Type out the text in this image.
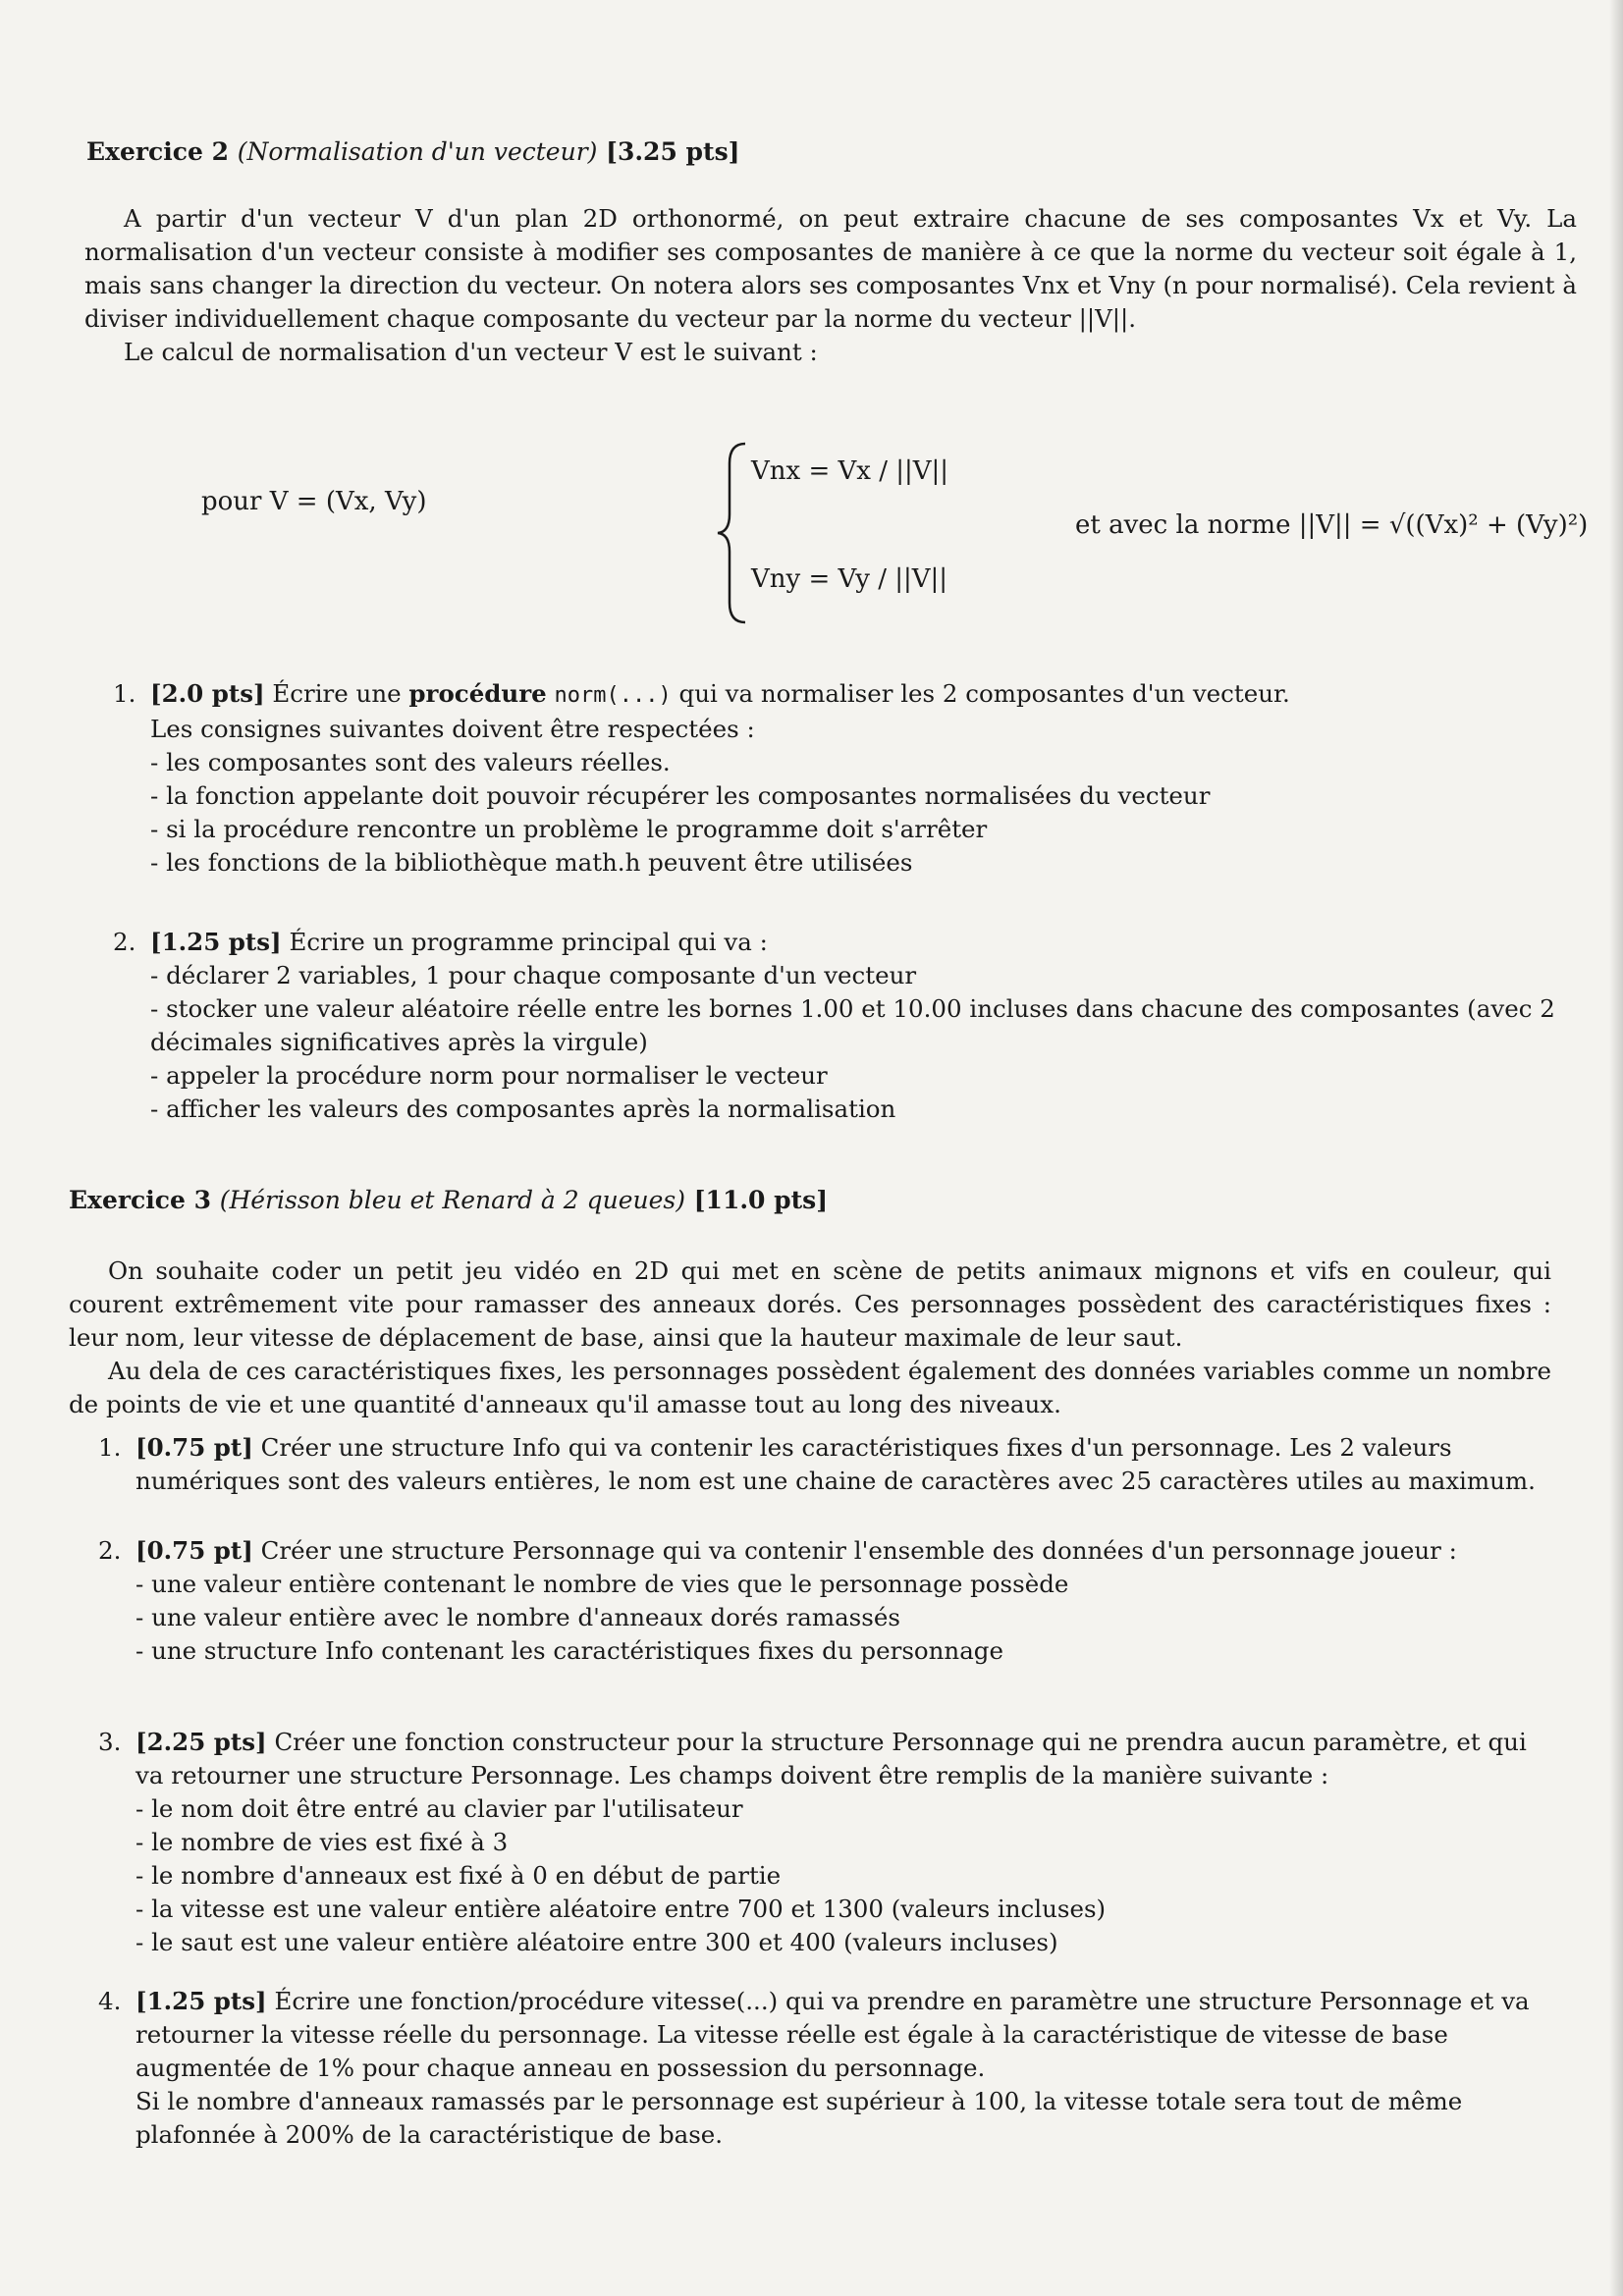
Exercice 2 (Normalisation d'un vecteur) [3.25 pts]

A partir d'un vecteur V d'un plan 2D orthonormé, on peut extraire chacune de ses composantes Vx et Vy. La normalisation d'un vecteur consiste à modifier ses composantes de manière à ce que la norme du vecteur soit égale à 1, mais sans changer la direction du vecteur. On notera alors ses composantes Vnx et Vny (n pour normalisé). Cela revient à diviser individuellement chaque composante du vecteur par la norme du vecteur ||V||.

Le calcul de normalisation d'un vecteur V est le suivant :

pour V = (Vx, Vy)
Vnx = Vx / ||V||
Vny = Vy / ||V||
et avec la norme ||V|| = √((Vx)² + (Vy)²)
1. [2.0 pts] Écrire une procédure norm(...) qui va normaliser les 2 composantes d'un vecteur.
Les consignes suivantes doivent être respectées :
- les composantes sont des valeurs réelles.
- la fonction appelante doit pouvoir récupérer les composantes normalisées du vecteur
- si la procédure rencontre un problème le programme doit s'arrêter
- les fonctions de la bibliothèque math.h peuvent être utilisées
2. [1.25 pts] Écrire un programme principal qui va :
- déclarer 2 variables, 1 pour chaque composante d'un vecteur
- stocker une valeur aléatoire réelle entre les bornes 1.00 et 10.00 incluses dans chacune des composantes (avec 2 décimales significatives après la virgule)
- appeler la procédure norm pour normaliser le vecteur
- afficher les valeurs des composantes après la normalisation
Exercice 3 (Hérisson bleu et Renard à 2 queues) [11.0 pts]

On souhaite coder un petit jeu vidéo en 2D qui met en scène de petits animaux mignons et vifs en couleur, qui courent extrêmement vite pour ramasser des anneaux dorés. Ces personnages possèdent des caractéristiques fixes : leur nom, leur vitesse de déplacement de base, ainsi que la hauteur maximale de leur saut.

Au dela de ces caractéristiques fixes, les personnages possèdent également des données variables comme un nombre de points de vie et une quantité d'anneaux qu'il amasse tout au long des niveaux.

1. [0.75 pt] Créer une structure Info qui va contenir les caractéristiques fixes d'un personnage. Les 2 valeurs numériques sont des valeurs entières, le nom est une chaine de caractères avec 25 caractères utiles au maximum.
2. [0.75 pt] Créer une structure Personnage qui va contenir l'ensemble des données d'un personnage joueur :
- une valeur entière contenant le nombre de vies que le personnage possède
- une valeur entière avec le nombre d'anneaux dorés ramassés
- une structure Info contenant les caractéristiques fixes du personnage
3. [2.25 pts] Créer une fonction constructeur pour la structure Personnage qui ne prendra aucun paramètre, et qui va retourner une structure Personnage. Les champs doivent être remplis de la manière suivante :
- le nom doit être entré au clavier par l'utilisateur
- le nombre de vies est fixé à 3
- le nombre d'anneaux est fixé à 0 en début de partie
- la vitesse est une valeur entière aléatoire entre 700 et 1300 (valeurs incluses)
- le saut est une valeur entière aléatoire entre 300 et 400 (valeurs incluses)
4. [1.25 pts] Écrire une fonction/procédure vitesse(...) qui va prendre en paramètre une structure Personnage et va retourner la vitesse réelle du personnage. La vitesse réelle est égale à la caractéristique de vitesse de base augmentée de 1% pour chaque anneau en possession du personnage.
Si le nombre d'anneaux ramassés par le personnage est supérieur à 100, la vitesse totale sera tout de même plafonnée à 200% de la caractéristique de base.
